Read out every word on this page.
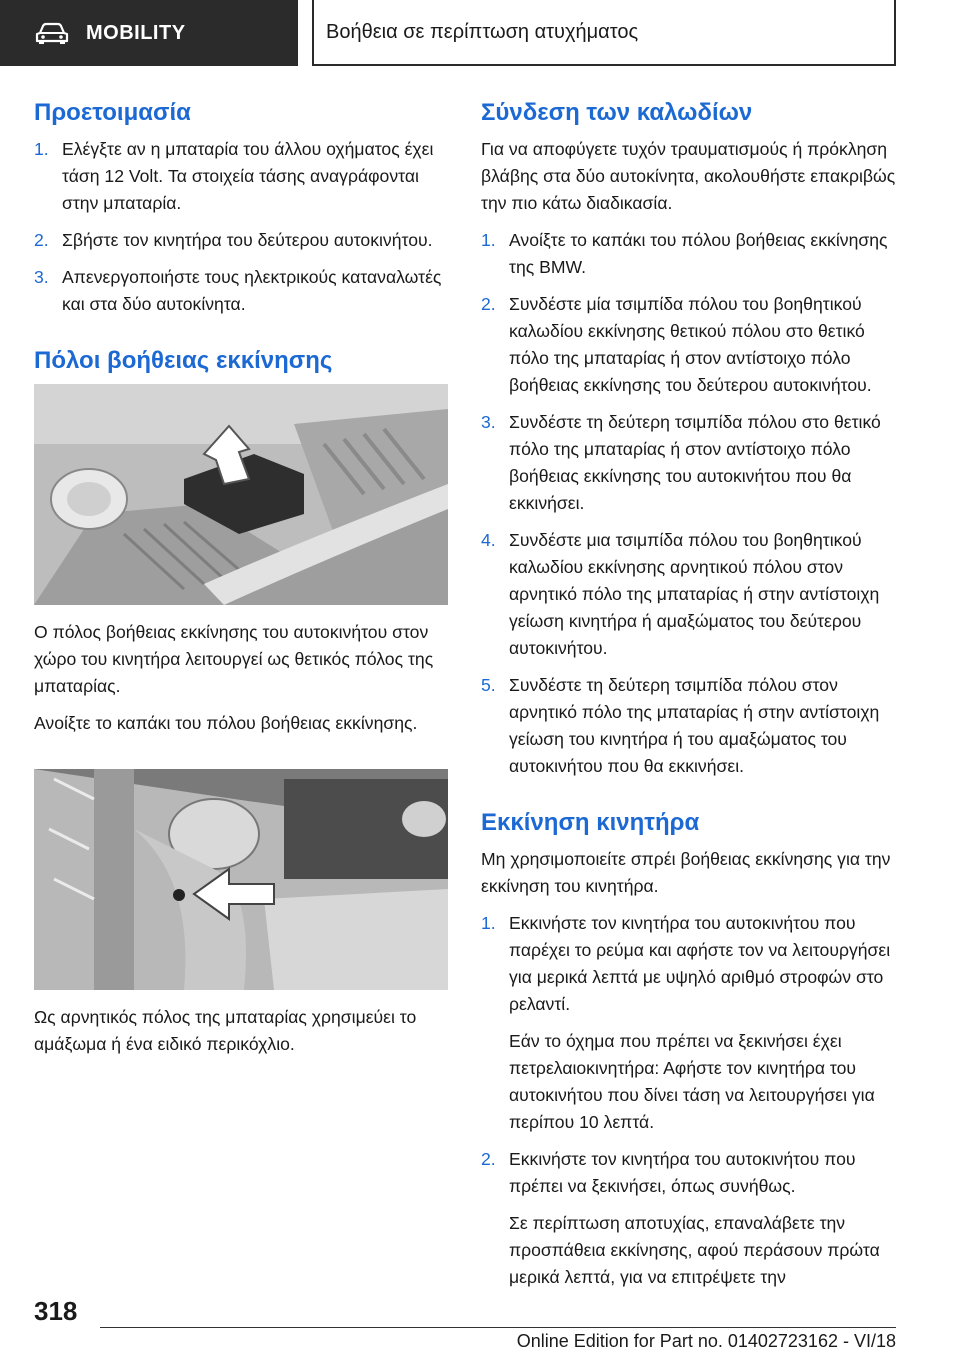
MOBILITY	Βοήθεια σε περίπτωση ατυχήματος
Προετοιμασία
1. Ελέγξτε αν η μπαταρία του άλλου οχήματος έχει τάση 12 Volt. Τα στοιχεία τάσης αναγράφονται στην μπαταρία.
2. Σβήστε τον κινητήρα του δεύτερου αυτοκινήτου.
3. Απενεργοποιήστε τους ηλεκτρικούς καταναλωτές και στα δύο αυτοκίνητα.
Πόλοι βοήθειας εκκίνησης

Ο πόλος βοήθειας εκκίνησης του αυτοκινήτου στον χώρο του κινητήρα λειτουργεί ως θετικός πόλος της μπαταρίας.

Ανοίξτε το καπάκι του πόλου βοήθειας εκκίνησης.

Ως αρνητικός πόλος της μπαταρίας χρησιμεύει το αμάξωμα ή ένα ειδικό περικόχλιο.

Σύνδεση των καλωδίων

Για να αποφύγετε τυχόν τραυματισμούς ή πρόκληση βλάβης στα δύο αυτοκίνητα, ακολουθήστε επακριβώς την πιο κάτω διαδικασία.

1. Ανοίξτε το καπάκι του πόλου βοήθειας εκκίνησης της BMW.
2. Συνδέστε μία τσιμπίδα πόλου του βοηθητικού καλωδίου εκκίνησης θετικού πόλου στο θετικό πόλο της μπαταρίας ή στον αντίστοιχο πόλο βοήθειας εκκίνησης του δεύτερου αυτοκινήτου.
3. Συνδέστε τη δεύτερη τσιμπίδα πόλου στο θετικό πόλο της μπαταρίας ή στον αντίστοιχο πόλο βοήθειας εκκίνησης του αυτοκινήτου που θα εκκινήσει.
4. Συνδέστε μια τσιμπίδα πόλου του βοηθητικού καλωδίου εκκίνησης αρνητικού πόλου στον αρνητικό πόλο της μπαταρίας ή στην αντίστοιχη γείωση κινητήρα ή αμαξώματος του δεύτερου αυτοκινήτου.
5. Συνδέστε τη δεύτερη τσιμπίδα πόλου στον αρνητικό πόλο της μπαταρίας ή στην αντίστοιχη γείωση του κινητήρα ή του αμαξώματος του αυτοκινήτου που θα εκκινήσει.
Εκκίνηση κινητήρα

Μη χρησιμοποιείτε σπρέι βοήθειας εκκίνησης για την εκκίνηση του κινητήρα.

1. Εκκινήστε τον κινητήρα του αυτοκινήτου που παρέχει το ρεύμα και αφήστε τον να λειτουργήσει για μερικά λεπτά με υψηλό αριθμό στροφών στο ρελαντί.
Εάν το όχημα που πρέπει να ξεκινήσει έχει πετρελαιοκινητήρα: Αφήστε τον κινητήρα του αυτοκινήτου που δίνει τάση να λειτουργήσει για περίπου 10 λεπτά.
2. Εκκινήστε τον κινητήρα του αυτοκινήτου που πρέπει να ξεκινήσει, όπως συνήθως.
Σε περίπτωση αποτυχίας, επαναλάβετε την προσπάθεια εκκίνησης, αφού περάσουν πρώτα μερικά λεπτά, για να επιτρέψετε την
318
Online Edition for Part no. 01402723162 - VI/18
